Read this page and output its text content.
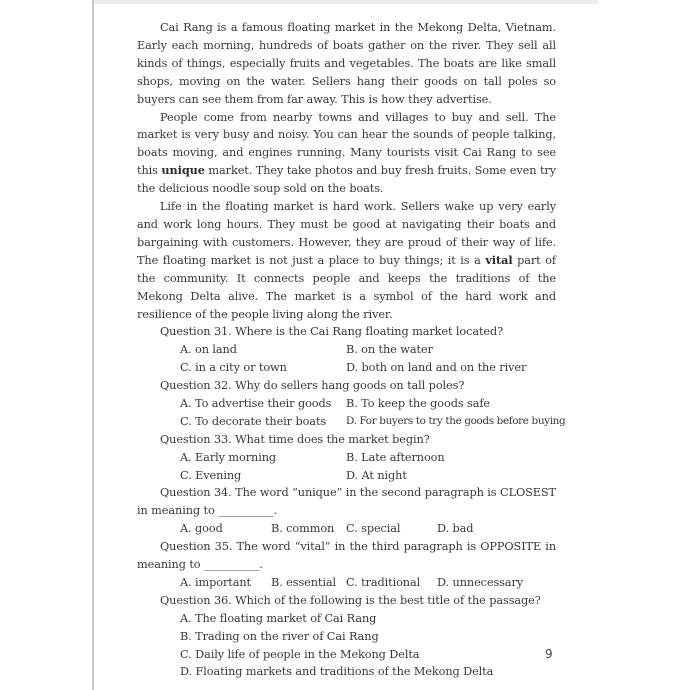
Cai Rang is a famous floating market in the Mekong Delta, Vietnam. Early each morning, hundreds of boats gather on the river. They sell all kinds of things, especially fruits and vegetables. The boats are like small shops, moving on the water. Sellers hang their goods on tall poles so buyers can see them from far away. This is how they advertise.

People come from nearby towns and villages to buy and sell. The market is very busy and noisy. You can hear the sounds of people talking, boats moving, and engines running. Many tourists visit Cai Rang to see this unique market. They take photos and buy fresh fruits. Some even try the delicious noodle soup sold on the boats.

Life in the floating market is hard work. Sellers wake up very early and work long hours. They must be good at navigating their boats and bargaining with customers. However, they are proud of their way of life. The floating market is not just a place to buy things; it is a vital part of the community. It connects people and keeps the traditions of the Mekong Delta alive. The market is a symbol of the hard work and resilience of the people living along the river.

Question 31. Where is the Cai Rang floating market located?
A. on land	B. on the water
C. in a city or town	D. both on land and on the river
Question 32. Why do sellers hang goods on tall poles?
A. To advertise their goods B. To keep the goods safe
C. To decorate their boats D. For buyers to try the goods before buying
Question 33. What time does the market begin?
A. Early morning	B. Late afternoon
C. Evening	D. At night
Question 34. The word “unique” in the second paragraph is CLOSEST in meaning to __________.
A. good	B. common C. special	D. bad
Question 35. The word “vital” in the third paragraph is OPPOSITE in meaning to __________.
A. important B. essential C. traditional D. unnecessary
Question 36. Which of the following is the best title of the passage?
A. The floating market of Cai Rang
B. Trading on the river of Cai Rang
C. Daily life of people in the Mekong Delta
D. Floating markets and traditions of the Mekong Delta
9
